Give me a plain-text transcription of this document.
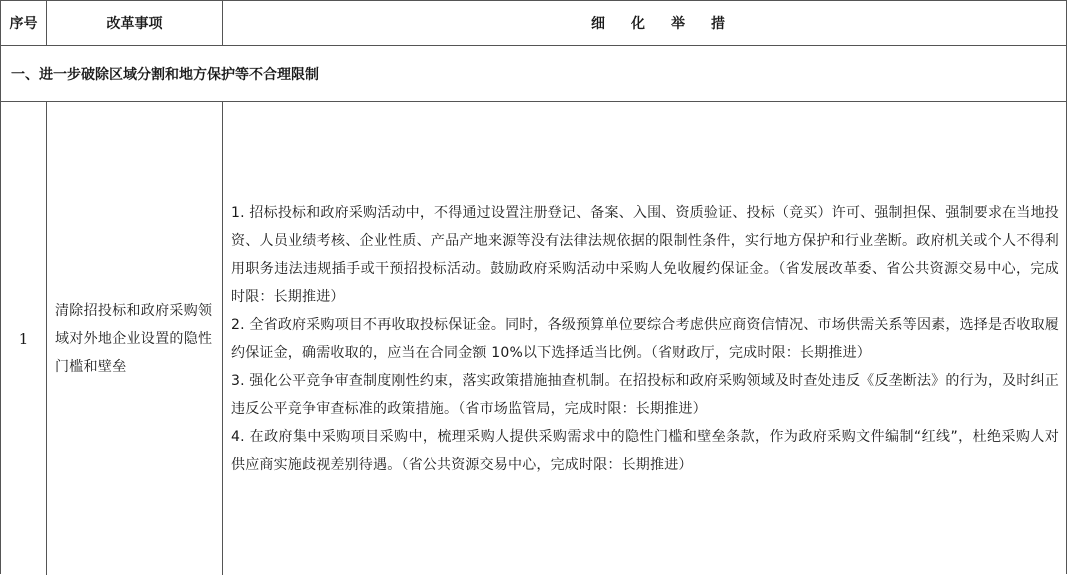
序号	改革事项	细化举措
一、进一步破除区域分割和地方保护等不合理限制
1
清除招投标和政府采购领域对外地企业设置的隐性门槛和壁垒

1. 招标投标和政府采购活动中，不得通过设置注册登记、备案、入围、资质验证、投标（竞买）许可、强制担保、强制要求在当地投资、人员业绩考核、企业性质、产品产地来源等没有法律法规依据的限制性条件，实行地方保护和行业垄断。政府机关或个人不得利用职务违法违规插手或干预招投标活动。鼓励政府采购活动中采购人免收履约保证金。（省发展改革委、省公共资源交易中心，完成时限：长期推进）

2. 全省政府采购项目不再收取投标保证金。同时，各级预算单位要综合考虑供应商资信情况、市场供需关系等因素，选择是否收取履约保证金，确需收取的，应当在合同金额 10%以下选择适当比例。（省财政厅，完成时限：长期推进）

3. 强化公平竞争审查制度刚性约束，落实政策措施抽查机制。在招投标和政府采购领域及时查处违反《反垄断法》的行为，及时纠正违反公平竞争审查标准的政策措施。（省市场监管局，完成时限：长期推进）

4. 在政府集中采购项目采购中，梳理采购人提供采购需求中的隐性门槛和壁垒条款，作为政府采购文件编制“红线”，杜绝采购人对供应商实施歧视差别待遇。（省公共资源交易中心，完成时限：长期推进）
